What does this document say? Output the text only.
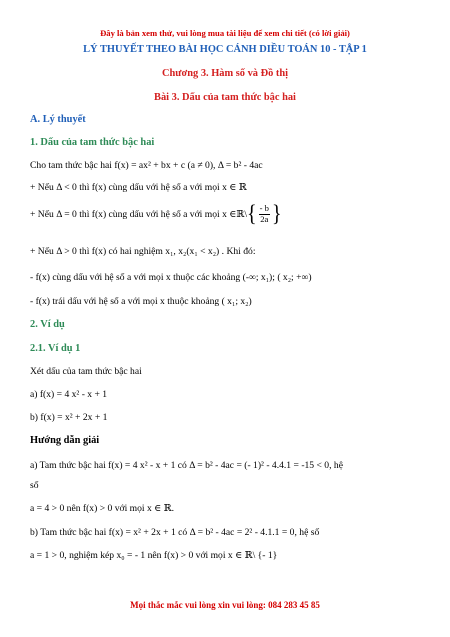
Đây là bản xem thử, vui lòng mua tài liệu để xem chi tiết (có lời giải)
LÝ THUYẾT THEO BÀI HỌC CÁNH DIỀU TOÁN 10 - TẬP 1
Chương 3. Hàm số và Đồ thị
Bài 3. Dấu của tam thức bậc hai
A. Lý thuyết
1. Dấu của tam thức bậc hai
Cho tam thức bậc hai f(x) = ax² + bx + c (a ≠ 0), Δ = b² - 4ac
+ Nếu Δ < 0 thì f(x) cùng dấu với hệ số a với mọi x ∈ ℝ
+ Nếu Δ = 0 thì f(x) cùng dấu với hệ số a với mọi x ∈ ℝ\ { $\frac{- b}{2a}$ }
+ Nếu Δ > 0 thì f(x) có hai nghiệm x₁, x₂(x₁ < x₂) . Khi đó:
- f(x) cùng dấu với hệ số a với mọi x thuộc các khoảng (-∞; x₁); ( x₂; +∞)
- f(x) trái dấu với hệ số a với mọi x thuộc khoảng ( x₁; x₂)
2. Ví dụ
2.1. Ví dụ 1
Xét dấu của tam thức bậc hai
a) f(x) = 4 x² - x + 1
b) f(x) = x² + 2x + 1
Hướng dẫn giải
a) Tam thức bậc hai f(x) = 4 x² - x + 1 có Δ = b² - 4ac = (- 1)² - 4.4.1 = -15 < 0, hệ
số
a = 4 > 0 nên f(x) > 0 với mọi x ∈ ℝ.
b) Tam thức bậc hai f(x) = x² + 2x + 1 có Δ = b² - 4ac = 2² - 4.1.1 = 0, hệ số
a = 1 > 0, nghiệm kép x₀ = - 1 nên f(x) > 0 với mọi x ∈ ℝ\ {- 1}
Mọi thắc mắc vui lòng xin vui lòng: 084 283 45 85
